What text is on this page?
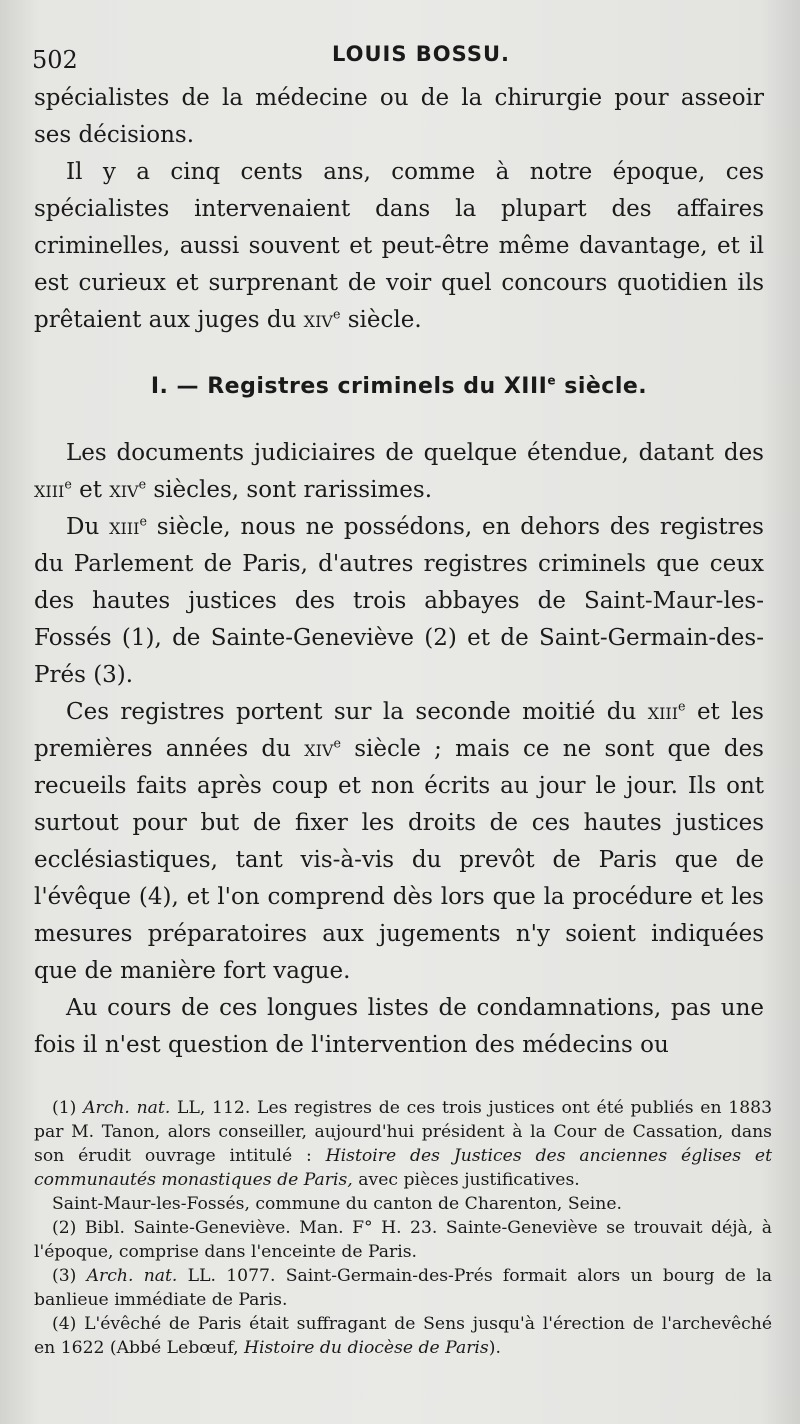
502	LOUIS BOSSU.

spécialistes de la médecine ou de la chirurgie pour asseoir ses décisions.

Il y a cinq cents ans, comme à notre époque, ces spécialistes intervenaient dans la plupart des affaires criminelles, aussi souvent et peut-être même davantage, et il est curieux et surprenant de voir quel concours quotidien ils prêtaient aux juges du xiv$^e$ siècle.

I. — Registres criminels du XIIIe siècle.

Les documents judiciaires de quelque étendue, datant des xiii$^e$ et xiv$^e$ siècles, sont rarissimes.

Du xiii$^e$ siècle, nous ne possédons, en dehors des registres du Parlement de Paris, d'autres registres criminels que ceux des hautes justices des trois abbayes de Saint-Maur-les-Fossés (1), de Sainte-Geneviève (2) et de Saint-Germain-des-Prés (3).

Ces registres portent sur la seconde moitié du xiii$^e$ et les premières années du xiv$^e$ siècle ; mais ce ne sont que des recueils faits après coup et non écrits au jour le jour. Ils ont surtout pour but de fixer les droits de ces hautes justices ecclésiastiques, tant vis-à-vis du prevôt de Paris que de l'évêque (4), et l'on comprend dès lors que la procédure et les mesures préparatoires aux jugements n'y soient indiquées que de manière fort vague.

Au cours de ces longues listes de condamnations, pas une fois il n'est question de l'intervention des médecins ou

(1) Arch. nat. LL, 112. Les registres de ces trois justices ont été publiés en 1883 par M. Tanon, alors conseiller, aujourd'hui président à la Cour de Cassation, dans son érudit ouvrage intitulé : Histoire des Justices des anciennes églises et communautés monastiques de Paris, avec pièces justificatives.

Saint-Maur-les-Fossés, commune du canton de Charenton, Seine.

(2) Bibl. Sainte-Geneviève. Man. F° H. 23. Sainte-Geneviève se trouvait déjà, à l'époque, comprise dans l'enceinte de Paris.

(3) Arch. nat. LL. 1077. Saint-Germain-des-Prés formait alors un bourg de la banlieue immédiate de Paris.

(4) L'évêché de Paris était suffragant de Sens jusqu'à l'érection de l'archevêché en 1622 (Abbé Lebœuf, Histoire du diocèse de Paris).
